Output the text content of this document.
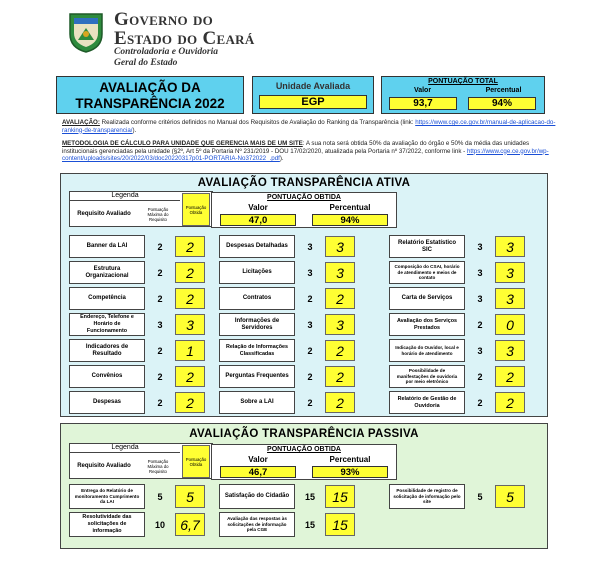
Governo do
Estado do Ceará
Controladoria e Ouvidoria
Geral do Estado
AVALIAÇÃO DA
TRANSPARÊNCIA 2022
Unidade Avaliada
EGP
PONTUAÇÃO TOTAL
Valor	Percentual
93,7	94%
AVALIAÇÃO: Realizada conforme critérios definidos no Manual dos Requisitos de Avaliação do Ranking da Transparência (link: https://www.cge.ce.gov.br/manual-de-aplicacao-do-ranking-de-transparencia/).
METODOLOGIA DE CÁLCULO PARA UNIDADE QUE GERENCIA MAIS DE UM SITE: A sua nota será obtida 50% da avaliação do órgão e 50% da média das unidades institucionais gerenciadas pela unidade (§2º, Art 5º da Portaria Nº 231/2019 - DOU 17/02/2020, atualizada pela Portaria nº 37/2022, conforme link - https://www.cge.ce.gov.br/wp-content/uploads/sites/20/2022/03/doc20220317p01-PORTARIA-No372022_.pdf).
AVALIAÇÃO TRANSPARÊNCIA ATIVA
Legenda
Requisito Avaliado
Pontuação Máxima do Requisito
Pontuação Obtida
PONTUAÇÃO OBTIDA
Valor	Percentual
47,0	94%
Banner da LAI	2	2
Estrutura Organizacional	2	2
Competência	2	2
Endereço, Telefone e Horário de Funcionamento
3	3
Indicadores de Resultado	2	1
Convênios	2	2
Despesas	2	2
Despesas Detalhadas	3	3
Licitações	3	3
Contratos	2	2
Informações de Servidores	3	3
Relação de Informações Classificadas	2	2
Perguntas Frequentes	2	2
Sobre a LAI	2	2
Relatório Estatístico SIC	3	3
Composição do CSAI, horário de atendimento e meios de contato
3	3
Carta de Serviços	3	3
Avaliação dos Serviços Prestados	2	0
Indicação do Ouvidor, local e horário de atendimento	3	3
Possibilidade de manifestações de ouvidoria por meio eletrônico
2	2
Relatório de Gestão de Ouvidoria	2	2
AVALIAÇÃO TRANSPARÊNCIA PASSIVA
Legenda
Requisito Avaliado
Pontuação Máxima do Requisito
Pontuação Obtida
PONTUAÇÃO OBTIDA
Valor	Percentual
46,7	93%
Entrega do Relatório de monitoramento Cumprimento da LAI
5	5
Resolutividade das solicitações de informação
10	6,7
Satisfação do Cidadão	15	15
Avaliação das respostas às solicitações de informação pela CGE
15	15
Possibilidade de registro de solicitação de informação pelo site
5	5
